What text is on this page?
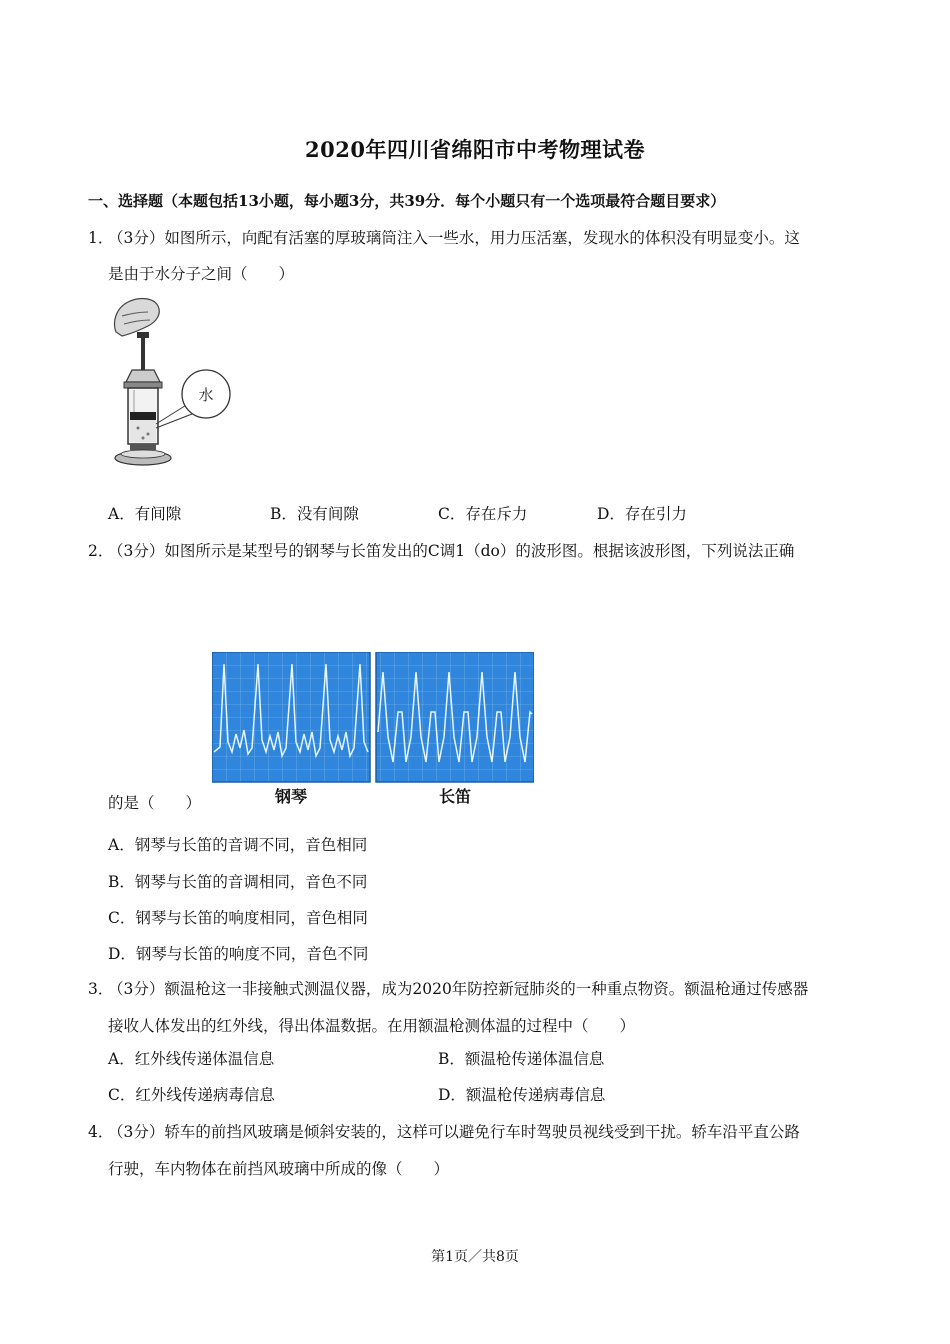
2020年四川省绵阳市中考物理试卷
一、选择题（本题包括13小题，每小题3分，共39分．每个小题只有一个选项最符合题目要求）
1．（3分）如图所示，向配有活塞的厚玻璃筒注入一些水，用力压活塞，发现水的体积没有明显变小。这
是由于水分子之间（　　）
水
A．有间隙	B．没有间隙	C．存在斥力	D．存在引力
2．（3分）如图所示是某型号的钢琴与长笛发出的C调1（do）的波形图。根据该波形图，下列说法正确
钢琴	长笛
的是（　　）
A．钢琴与长笛的音调不同，音色相同
B．钢琴与长笛的音调相同，音色不同
C．钢琴与长笛的响度相同，音色相同
D．钢琴与长笛的响度不同，音色不同
3．（3分）额温枪这一非接触式测温仪器，成为2020年防控新冠肺炎的一种重点物资。额温枪通过传感器
接收人体发出的红外线，得出体温数据。在用额温枪测体温的过程中（　　）
A．红外线传递体温信息	B．额温枪传递体温信息
C．红外线传递病毒信息	D．额温枪传递病毒信息
4．（3分）轿车的前挡风玻璃是倾斜安装的，这样可以避免行车时驾驶员视线受到干扰。轿车沿平直公路
行驶，车内物体在前挡风玻璃中所成的像（　　）
第1页／共8页
